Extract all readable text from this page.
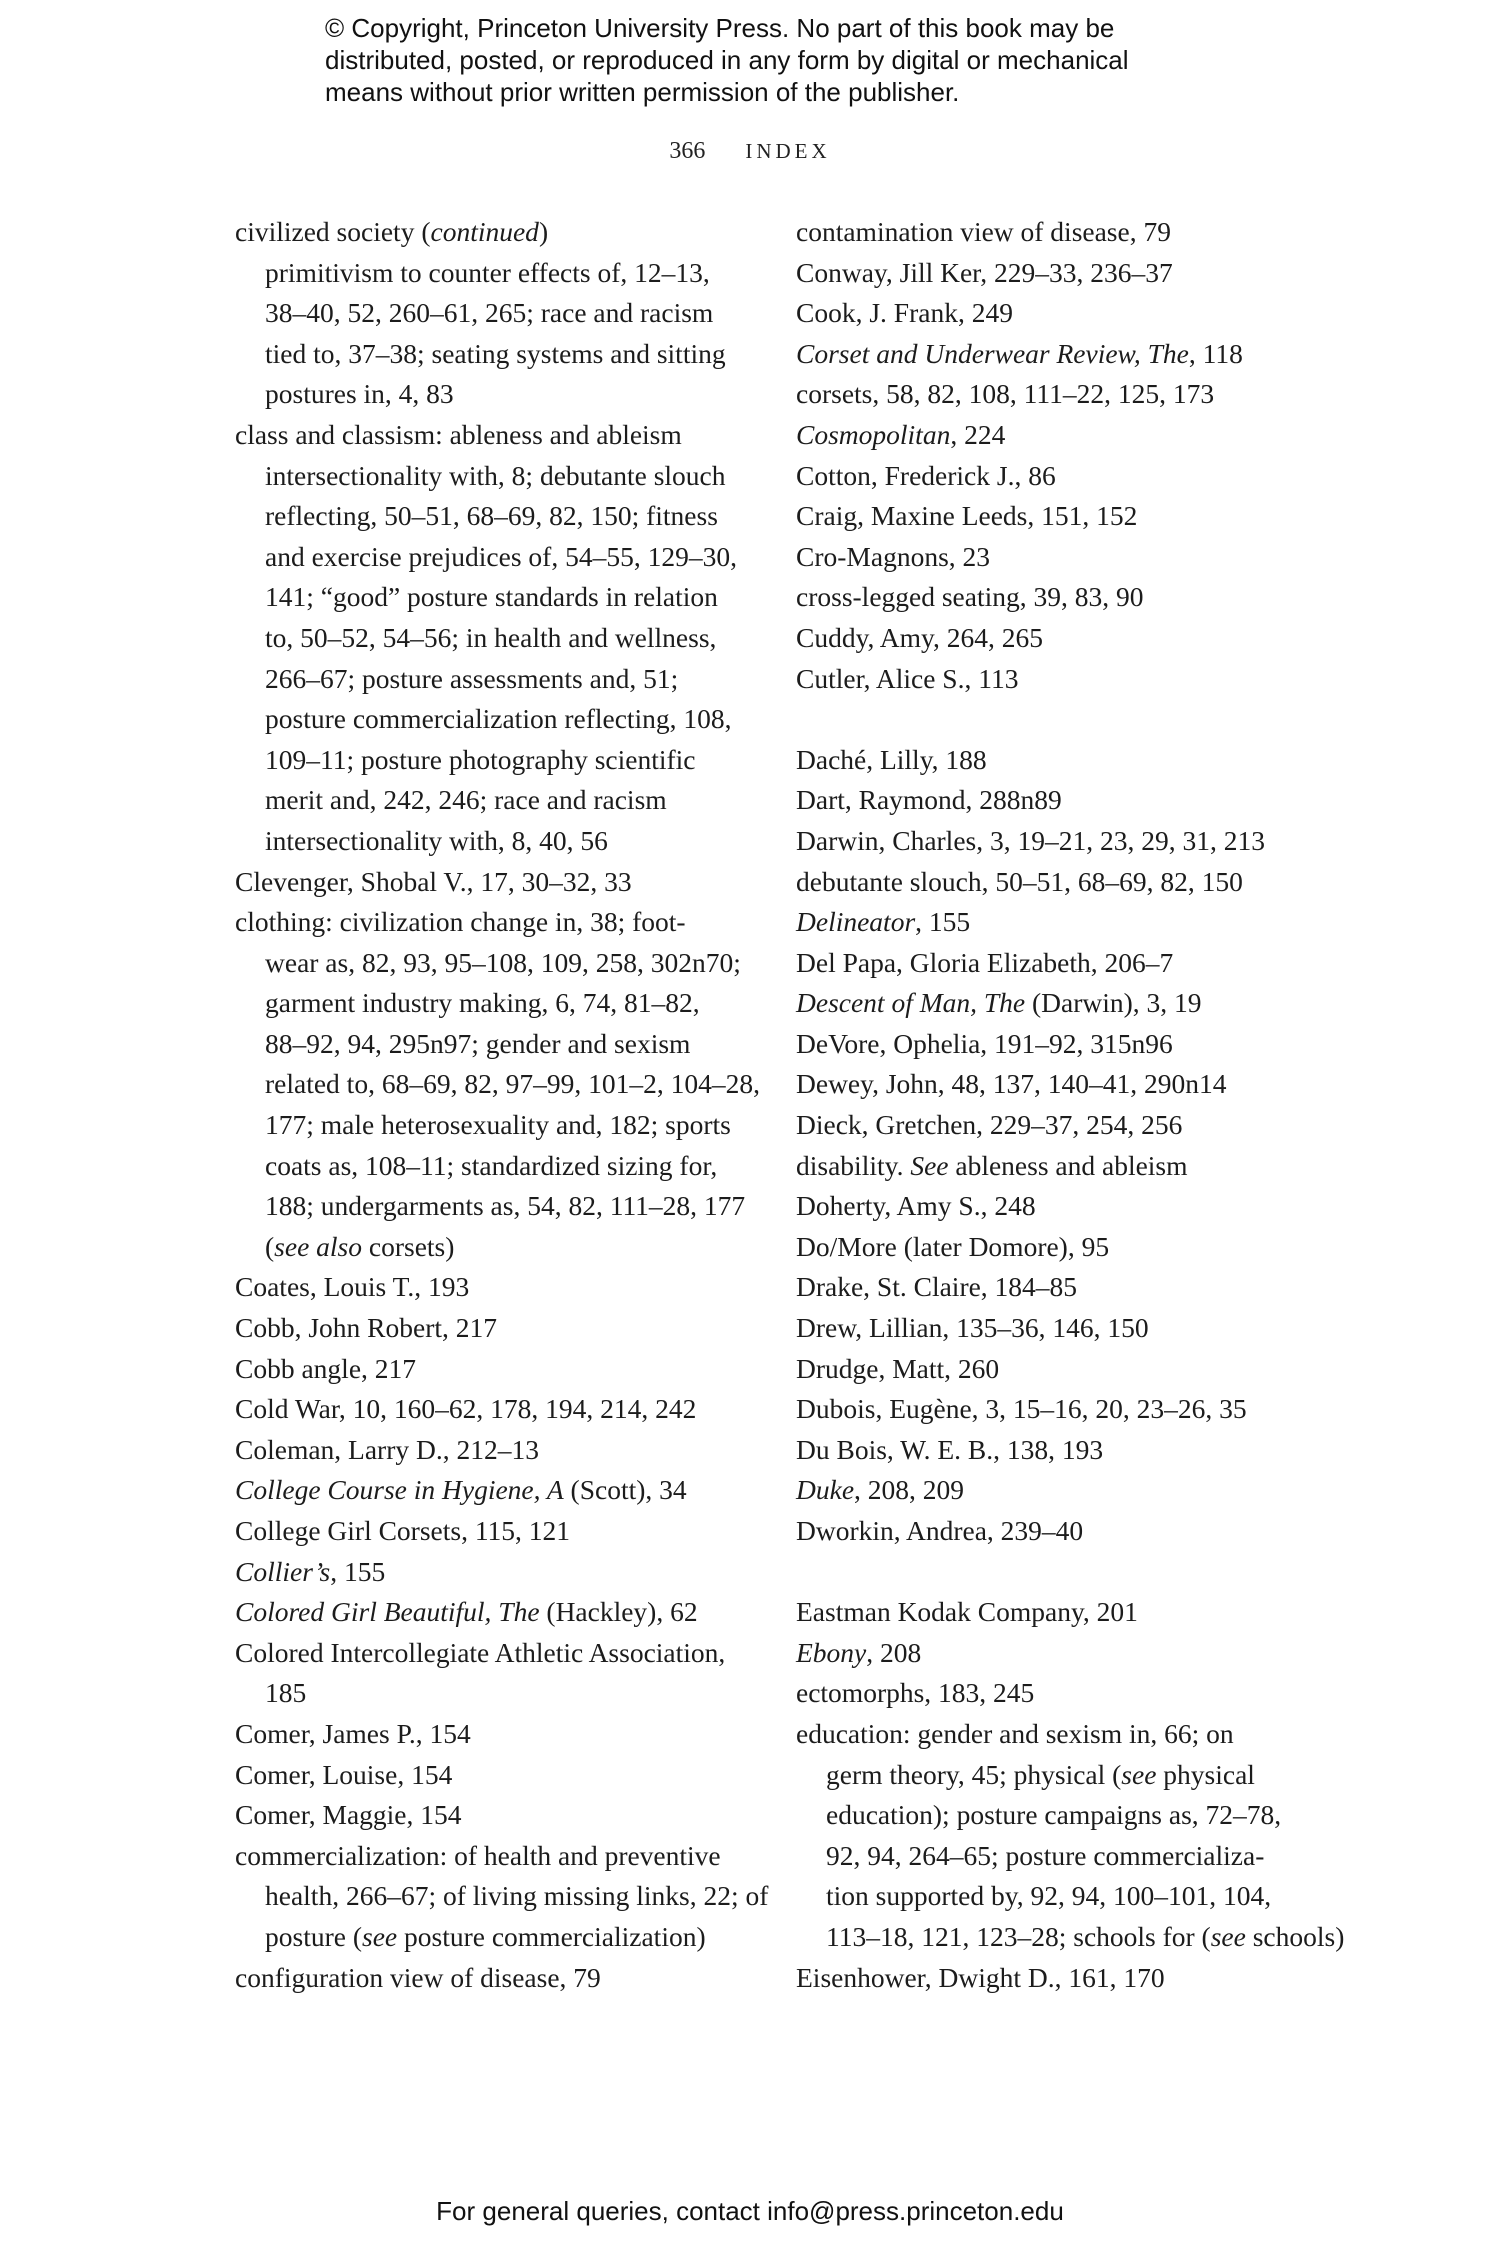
© Copyright, Princeton University Press. No part of this book may be
distributed, posted, or reproduced in any form by digital or mechanical
means without prior written permission of the publisher.
366 INDEX
civilized society (continued)
primitivism to counter effects of, 12–13,
38–40, 52, 260–61, 265; race and racism
tied to, 37–38; seating systems and sitting
postures in, 4, 83
class and classism: ableness and ableism
intersectionality with, 8; debutante slouch
reflecting, 50–51, 68–69, 82, 150; fitness
and exercise prejudices of, 54–55, 129–30,
141; “good” posture standards in relation
to, 50–52, 54–56; in health and wellness,
266–67; posture assessments and, 51;
posture commercialization reflecting, 108,
109–11; posture photography scientific
merit and, 242, 246; race and racism
intersectionality with, 8, 40, 56
Clevenger, Shobal V., 17, 30–32, 33
clothing: civilization change in, 38; foot-
wear as, 82, 93, 95–108, 109, 258, 302n70;
garment industry making, 6, 74, 81–82,
88–92, 94, 295n97; gender and sexism
related to, 68–69, 82, 97–99, 101–2, 104–28,
177; male heterosexuality and, 182; sports
coats as, 108–11; standardized sizing for,
188; undergarments as, 54, 82, 111–28, 177
(see also corsets)
Coates, Louis T., 193
Cobb, John Robert, 217
Cobb angle, 217
Cold War, 10, 160–62, 178, 194, 214, 242
Coleman, Larry D., 212–13
College Course in Hygiene, A (Scott), 34
College Girl Corsets, 115, 121
Collier’s, 155
Colored Girl Beautiful, The (Hackley), 62
Colored Intercollegiate Athletic Association,
185
Comer, James P., 154
Comer, Louise, 154
Comer, Maggie, 154
commercialization: of health and preventive
health, 266–67; of living missing links, 22; of
posture (see posture commercialization)
configuration view of disease, 79
contamination view of disease, 79
Conway, Jill Ker, 229–33, 236–37
Cook, J. Frank, 249
Corset and Underwear Review, The, 118
corsets, 58, 82, 108, 111–22, 125, 173
Cosmopolitan, 224
Cotton, Frederick J., 86
Craig, Maxine Leeds, 151, 152
Cro-Magnons, 23
cross-legged seating, 39, 83, 90
Cuddy, Amy, 264, 265
Cutler, Alice S., 113
Daché, Lilly, 188
Dart, Raymond, 288n89
Darwin, Charles, 3, 19–21, 23, 29, 31, 213
debutante slouch, 50–51, 68–69, 82, 150
Delineator, 155
Del Papa, Gloria Elizabeth, 206–7
Descent of Man, The (Darwin), 3, 19
DeVore, Ophelia, 191–92, 315n96
Dewey, John, 48, 137, 140–41, 290n14
Dieck, Gretchen, 229–37, 254, 256
disability. See ableness and ableism
Doherty, Amy S., 248
Do/More (later Domore), 95
Drake, St. Claire, 184–85
Drew, Lillian, 135–36, 146, 150
Drudge, Matt, 260
Dubois, Eugène, 3, 15–16, 20, 23–26, 35
Du Bois, W. E. B., 138, 193
Duke, 208, 209
Dworkin, Andrea, 239–40
Eastman Kodak Company, 201
Ebony, 208
ectomorphs, 183, 245
education: gender and sexism in, 66; on
germ theory, 45; physical (see physical
education); posture campaigns as, 72–78,
92, 94, 264–65; posture commercializa-
tion supported by, 92, 94, 100–101, 104,
113–18, 121, 123–28; schools for (see schools)
Eisenhower, Dwight D., 161, 170
For general queries, contact info@press.princeton.edu
